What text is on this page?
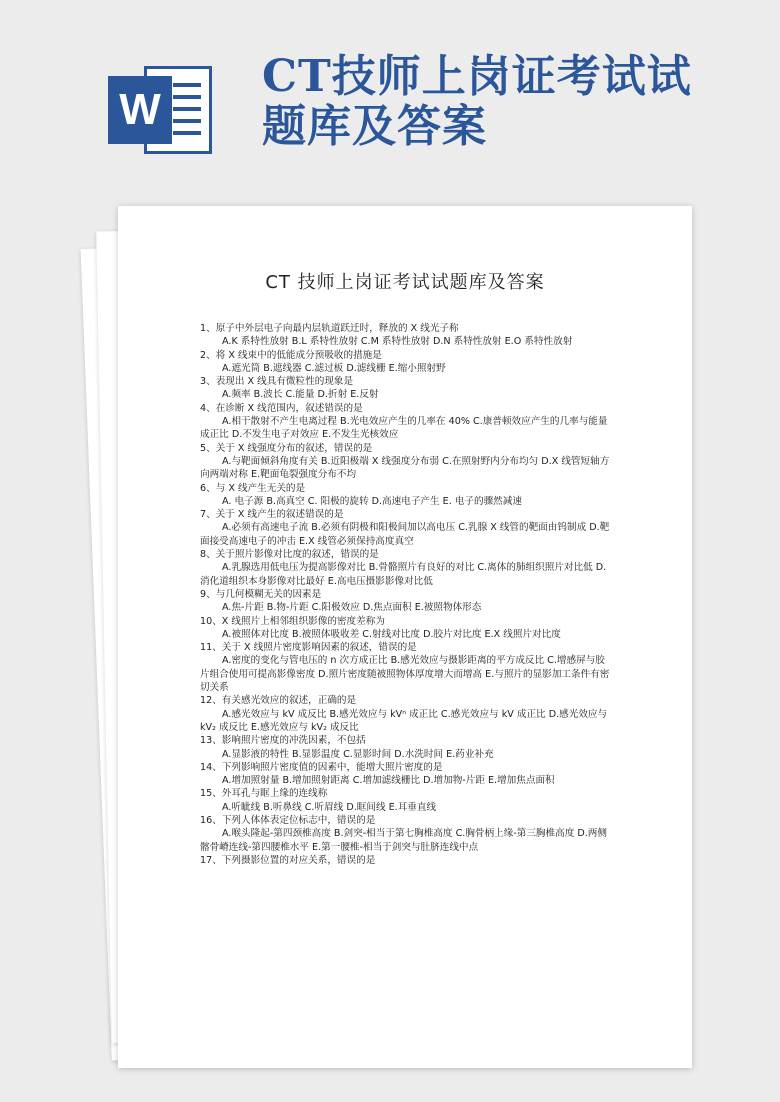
W
CT技师上岗证考试试题库及答案
CT 技师上岗证考试试题库及答案
1、原子中外层电子向最内层轨道跃迁时，释放的 X 线光子称
A.K 系特性放射 B.L 系特性放射 C.M 系特性放射 D.N 系特性放射 E.O 系特性放射
2、将 X 线束中的低能成分预吸收的措施是
A.遮光筒 B.遮线器 C.滤过板 D.滤线栅 E.缩小照射野
3、表现出 X 线具有微粒性的现象是
A.频率 B.波长 C.能量 D.折射 E.反射
4、在诊断 X 线范围内，叙述错误的是
A.相干散射不产生电离过程 B.光电效应产生的几率在 40% C.康普顿效应产生的几率与能量成正比 D.不发生电子对效应 E.不发生光核效应
5、关于 X 线强度分布的叙述，错误的是
A.与靶面倾斜角度有关 B.近阳极端 X 线强度分布弱 C.在照射野内分布均匀 D.X 线管短轴方向两端对称 E.靶面龟裂强度分布不均
6、与 X 线产生无关的是
A. 电子源 B.高真空 C. 阳极的旋转 D.高速电子产生 E. 电子的骤然减速
7、关于 X 线产生的叙述错误的是
A.必须有高速电子流 B.必须有阴极和阳极间加以高电压 C.乳腺 X 线管的靶面由钨制成 D.靶面接受高速电子的冲击 E.X 线管必须保持高度真空
8、关于照片影像对比度的叙述，错误的是
A.乳腺选用低电压为提高影像对比 B.骨骼照片有良好的对比 C.离体的肺组织照片对比低 D.消化道组织本身影像对比最好 E.高电压摄影影像对比低
9、与几何模糊无关的因素是
A.焦-片距 B.物-片距 C.阳极效应 D.焦点面积 E.被照物体形态
10、X 线照片上相邻组织影像的密度差称为
A.被照体对比度 B.被照体吸收差 C.射线对比度 D.胶片对比度 E.X 线照片对比度
11、关于 X 线照片密度影响因素的叙述，错误的是
A.密度的变化与管电压的 n 次方成正比 B.感光效应与摄影距离的平方成反比 C.增感屏与胶片组合使用可提高影像密度 D.照片密度随被照物体厚度增大而增高 E.与照片的显影加工条件有密切关系
12、有关感光效应的叙述，正确的是
A.感光效应与 kV 成反比 B.感光效应与 kVⁿ 成正比 C.感光效应与 kV 成正比 D.感光效应与 kV₂ 成反比 E.感光效应与 kV₂ 成反比
13、影响照片密度的冲洗因素，不包括
A.显影液的特性 B.显影温度 C.显影时间 D.水洗时间 E.药业补充
14、下列影响照片密度值的因素中，能增大照片密度的是
A.增加照射量 B.增加照射距离 C.增加滤线栅比 D.增加物-片距 E.增加焦点面积
15、外耳孔与眶上缘的连线称
A.听眦线 B.听鼻线 C.听眉线 D.眶间线 E.耳垂直线
16、下列人体体表定位标志中，错误的是
A.喉头隆起-第四颈椎高度 B.剑突-相当于第七胸椎高度 C.胸骨柄上缘-第三胸椎高度 D.两侧髂骨嵴连线-第四腰椎水平 E.第一腰椎-相当于剑突与肚脐连线中点
17、下列摄影位置的对应关系，错误的是
